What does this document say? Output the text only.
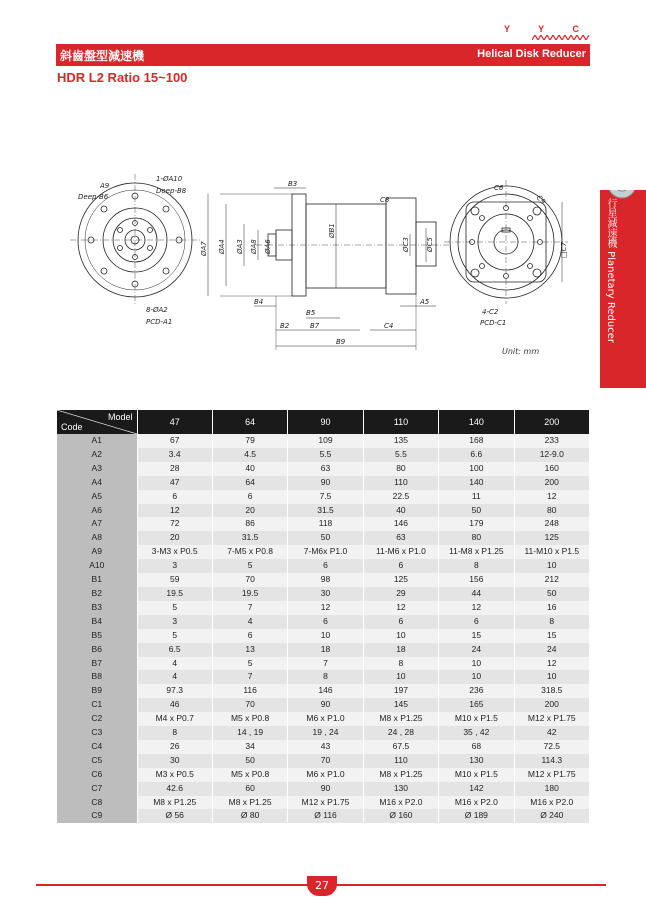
Y Y C
斜齒盤型減速機	Helical Disk Reducer
HDR L2 Ratio 15~100
行星減速機 Planetary Reducer
A9
Deep-B6
1-ØA10
Deep-B8
8-ØA2
PCD-A1
B3
C8
ØA7 ØA4 ØA3 ØA8 ØA6
ØB1
ØC3 ØC5
B4
B5
A5
B2	B7	C4
B9
C6
C9
□C7
4-C2
PCD-C1
Unit: mm
Model
Code	47	64	90	110	140	200
A1	67	79	109	135	168	233
A2	3.4	4.5	5.5	5.5	6.6	12-9.0
A3	28	40	63	80	100	160
A4	47	64	90	110	140	200
A5	6	6	7.5	22.5	11	12
A6	12	20	31.5	40	50	80
A7	72	86	118	146	179	248
A8	20	31.5	50	63	80	125
A9	3-M3 x P0.5	7-M5 x P0.8	7-M6x P1.0	11-M6 x P1.0	11-M8 x P1.25	11-M10 x P1.5
A10	3	5	6	6	8	10
B1	59	70	98	125	156	212
B2	19.5	19.5	30	29	44	50
B3	5	7	12	12	12	16
B4	3	4	6	6	6	8
B5	5	6	10	10	15	15
B6	6.5	13	18	18	24	24
B7	4	5	7	8	10	12
B8	4	7	8	10	10	10
B9	97.3	116	146	197	236	318.5
C1	46	70	90	145	165	200
C2	M4 x P0.7	M5 x P0.8	M6 x P1.0	M8 x P1.25	M10 x P1.5	M12 x P1.75
C3	8	14 , 19	19 , 24	24 , 28	35 , 42	42
C4	26	34	43	67.5	68	72.5
C5	30	50	70	110	130	114.3
C6	M3 x P0.5	M5 x P0.8	M6 x P1.0	M8 x P1.25	M10 x P1.5	M12 x P1.75
C7	42.6	60	90	130	142	180
C8	M8 x P1.25	M8 x P1.25	M12 x P1.75	M16 x P2.0	M16 x P2.0	M16 x P2.0
C9	Ø 56	Ø 80	Ø 116	Ø 160	Ø 189	Ø 240
27
